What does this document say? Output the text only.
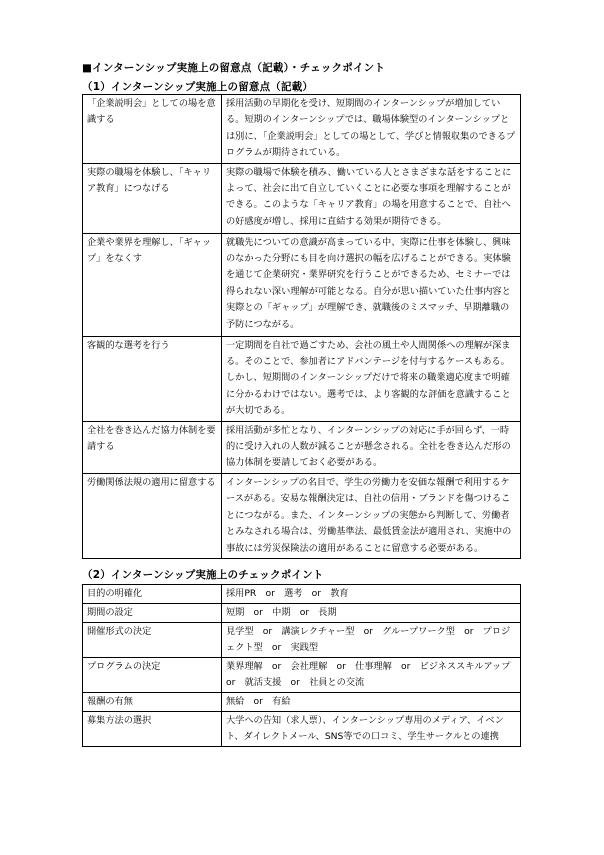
■インターンシップ実施上の留意点（記載）・チェックポイント
（1）インターンシップ実施上の留意点（記載）
「企業説明会」としての場を意識する	採用活動の早期化を受け、短期間のインターンシップが増加している。短期のインターンシップでは、職場体験型のインターンシップとは別に、「企業説明会」としての場として、学びと情報収集のできるプログラムが期待されている。
実際の職場を体験し、「キャリア教育」につなげる	実際の職場で体験を積み、働いている人とさまざまな話をすることによって、社会に出て自立していくことに必要な事項を理解することができる。このような「キャリア教育」の場を用意することで、自社への好感度が増し、採用に直結する効果が期待できる。
企業や業界を理解し、「ギャップ」をなくす	就職先についての意識が高まっている中、実際に仕事を体験し、興味のなかった分野にも目を向け選択の幅を広げることができる。実体験を通じて企業研究・業界研究を行うことができるため、セミナーでは得られない深い理解が可能となる。自分が思い描いていた仕事内容と実際との「ギャップ」が理解でき、就職後のミスマッチ、早期離職の予防につながる。
客観的な選考を行う	一定期間を自社で過ごすため、会社の風土や人間関係への理解が深まる。そのことで、参加者にアドバンテージを付与するケースもある。しかし、短期間のインターンシップだけで将来の職業適応度まで明確に分かるわけではない。選考では、より客観的な評価を意識することが大切である。
全社を巻き込んだ協力体制を要請する	採用活動が多忙となり、インターンシップの対応に手が回らず、一時的に受け入れの人数が減ることが懸念される。全社を巻き込んだ形の協力体制を要請しておく必要がある。
労働関係法規の適用に留意する	インターンシップの名目で、学生の労働力を安価な報酬で利用するケースがある。安易な報酬決定は、自社の信用・ブランドを傷つけることにつながる。また、インターンシップの実態から判断して、労働者とみなされる場合は、労働基準法、最低賃金法が適用され、実施中の事故には労災保険法の適用があることに留意する必要がある。
（2）インターンシップ実施上のチェックポイント
目的の明確化	採用PR　or　選考　or　教育
期間の設定	短期　or　中期　or　長期
開催形式の決定	見学型　or　講演レクチャー型　or　グループワーク型　or　プロジェクト型　or　実践型
プログラムの決定	業界理解　or　会社理解　or　仕事理解　or　ビジネススキルアップ　or　就活支援　or　社員との交流
報酬の有無	無給　or　有給
募集方法の選択	大学への告知（求人票）、インターンシップ専用のメディア、イベント、ダイレクトメール、SNS等での口コミ、学生サークルとの連携
